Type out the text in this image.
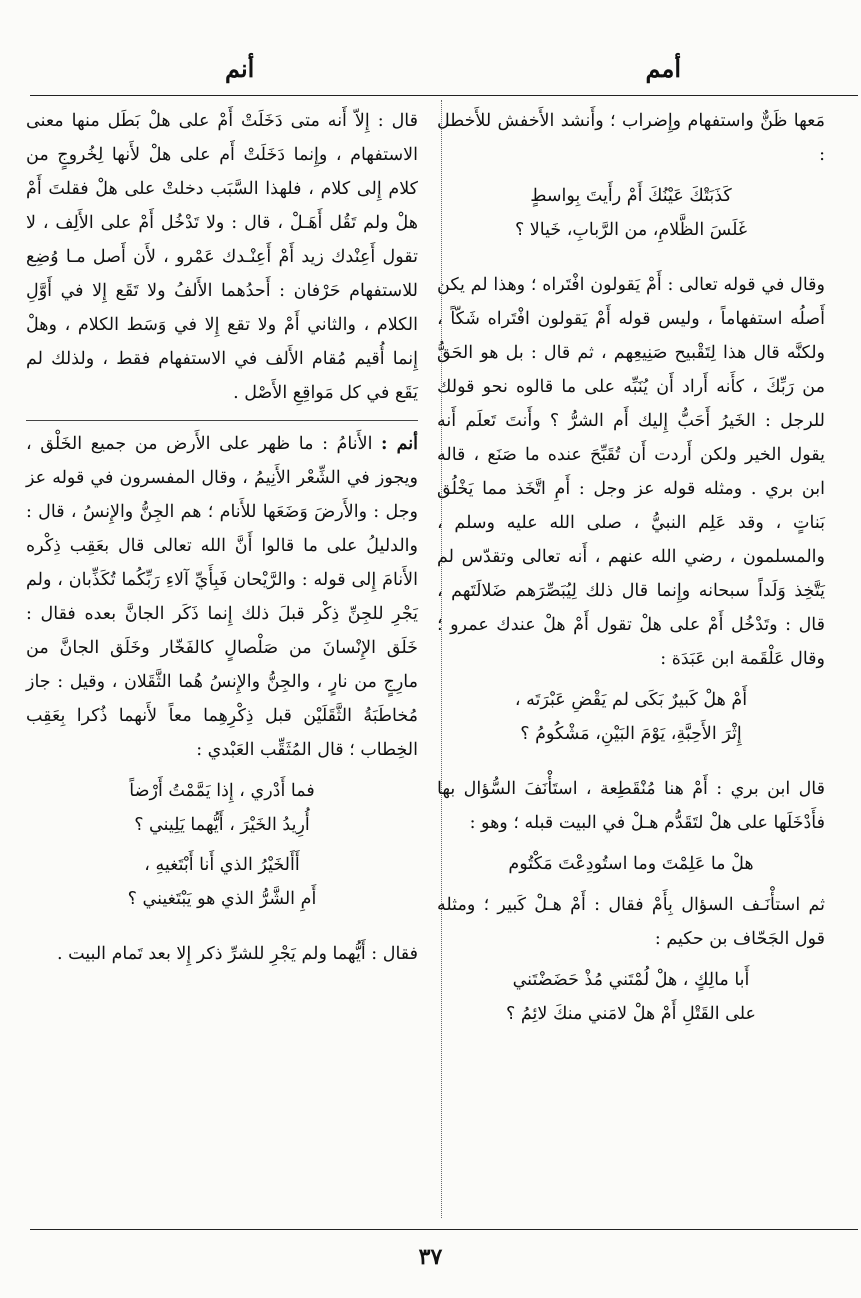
أمم
أنم

مَعها ظَنٌّ واستفهام وإِضراب ؛ وأَنشد الأَخفش للأَخطل :

كَذَبَتْكَ عَيْنُكَ أَمْ رأَيتَ بِواسطٍ

غَلَسَ الظَّلامِ، من الرَّبابِ، خَيالا ؟

وقال في قوله تعالى : أَمْ يَقولون افْتَراه ؛ وهذا لم يكن أَصلُه استفهاماً ، وليس قوله أَمْ يَقولون افْتَراه شَكّاً ، ولكنَّه قال هذا لِتَقْبيح صَنِيعِهم ، ثم قال : بل هو الحَقُّ من رَبِّكَ ، كأَنه أَراد أَن يُنَبِّه على ما قالوه نحو قولك للرجل : الخَيرُ أَحَبُّ إِليك أَم الشرُّ ؟ وأَنتَ تَعلَم أَنه يقول الخير ولكن أَردت أَن تُقَبِّحَ عنده ما صَنَع ، قاله ابن بري . ومثله قوله عز وجل : أَمِ اتَّخَذ مما يَخْلُق بَناتٍ ، وقد عَلِم النبيُّ ، صلى الله عليه وسلم ، والمسلمون ، رضي الله عنهم ، أَنه تعالى وتقدّس لم يَتَّخِذ وَلَداً سبحانه وإِنما قال ذلك لِيُبَصِّرَهم ضَلالَتَهم ، قال : وتَدْخُل أَمْ على هلْ تقول أَمْ هلْ عندك عمرو ؛ وقال عَلْقَمة ابن عَبَدَة :

أَمْ هلْ كَبيرٌ بَكَى لم يَقْضِ عَبْرَتَه ،

إِثْرَ الأَحِبَّةِ، يَوْمَ البَيْنِ، مَشْكُومُ ؟

قال ابن بري : أَمْ هنا مُنْقَطِعة ، استَأْنَفَ السُّؤال بها فأَدْخَلَها على هلْ لتَقَدُّم هـلْ في البيت قبله ؛ وهو :

هلْ ما عَلِمْتَ وما استُودِعْتَ مَكْتُوم

ثم استأْنَـف السؤال بِأَمْ فقال : أَمْ هـلْ كَبير ؛ ومثله قول الجَحّاف بن حكيم :

أَبا مالِكٍ ، هلْ لُمْتَني مُذْ حَضَضْتَني

على القَتْلِ أَمْ هلْ لامَني منكَ لائِمُ ؟

قال : إِلاّ أَنه متى دَخَلَتْ أَمْ على هلْ بَطَل منها معنى الاستفهام ، وإِنما دَخَلَتْ أَم على هلْ لأَنها لِخُروجٍ من كلام إِلى كلام ، فلهذا السَّبَب دخلتْ على هلْ فقلتَ أَمْ هلْ ولم تَقُل أَهَـلْ ، قال : ولا تَدْخُل أَمْ على الأَلِف ، لا تقول أَعِنْدك زيد أَمْ أَعِنْـدك عَمْرو ، لأَن أَصل مـا وُضِع للاستفهام حَرْفان : أَحدُهما الأَلفُ ولا تَقَع إِلا في أَوَّلِ الكلام ، والثاني أَمْ ولا تقع إِلا في وَسَط الكلام ، وهلْ إِنما أُقيم مُقام الأَلف في الاستفهام فقط ، ولذلك لم يَقَع في كل مَواقِعِ الأَصْل .

أنم : الأَنامُ : ما ظهر على الأَرض من جميع الخَلْق ، ويجوز في الشِّعْر الأَنِيمُ ، وقال المفسرون في قوله عز وجل : والأَرضَ وَضَعَها للأَنام ؛ هم الجِنُّ والإِنسُ ، قال : والدليلُ على ما قالوا أَنَّ الله تعالى قال بعَقِب ذِكْره الأَنامَ إِلى قوله : والرَّيْحان فَبِأَيِّ آلاءِ رَبِّكُما تُكَذِّبان ، ولم يَجْرِ للجِنِّ ذِكْر قبلَ ذلك إِنما ذَكَر الجانَّ بعده فقال : خَلَق الإِنْسانَ من صَلْصالٍ كالفَخّار وخَلَق الجانَّ من مارِجٍ من نارٍ ، والجِنُّ والإِنسُ هُما الثَّقَلان ، وقيل : جاز مُخاطَبَةُ الثَّقَلَيْن قبل ذِكْرِهِما معاً لأَنهما ذُكرا بِعَقِب الخِطاب ؛ قال المُثَقِّب العَبْدي :

فما أَدْري ، إِذا يَمَّمْتُ أَرْضاً

أُرِيدُ الخَيْرَ ، أَيُّهما يَلِيني ؟

أَأَلخَيْرُ الذي أَنا أَبْتَغيهِ ،

أَمِ الشَّرُّ الذي هو يَبْتَغيني ؟

فقال : أَيُّهما ولم يَجْرِ للشرِّ ذكر إِلا بعد تَمام البيت .

٣٧
